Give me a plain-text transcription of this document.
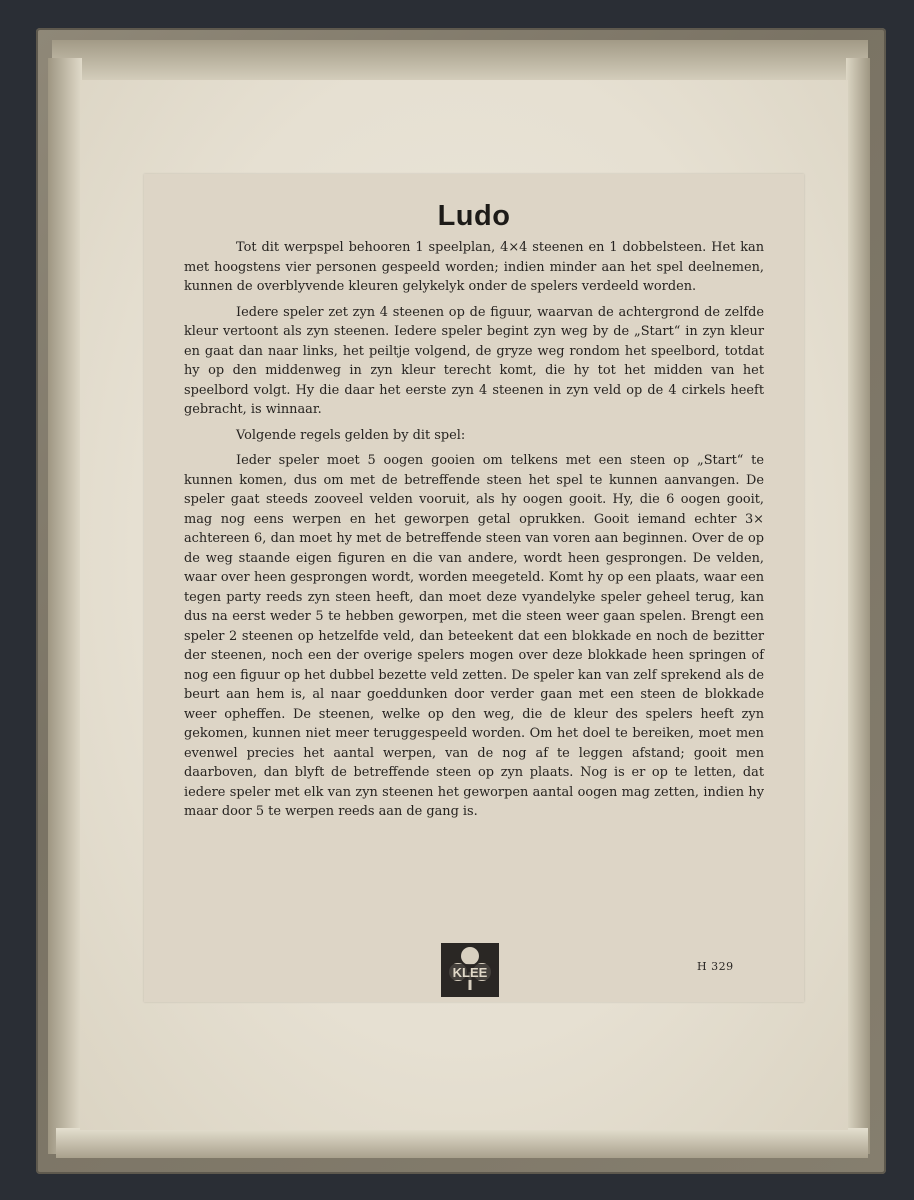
Ludo

Tot dit werpspel behooren 1 speelplan, 4×4 steenen en 1 dobbelsteen. Het kan met hoogstens vier personen gespeeld worden; indien minder aan het spel deelnemen, kunnen de overblyvende kleuren gelykelyk onder de spelers verdeeld worden.

Iedere speler zet zyn 4 steenen op de figuur, waarvan de achtergrond de zelfde kleur vertoont als zyn steenen. Iedere speler begint zyn weg by de „Start“ in zyn kleur en gaat dan naar links, het peiltje volgend, de gryze weg rondom het speelbord, totdat hy op den middenweg in zyn kleur terecht komt, die hy tot het midden van het speelbord volgt. Hy die daar het eerste zyn 4 steenen in zyn veld op de 4 cirkels heeft gebracht, is winnaar.

Volgende regels gelden by dit spel:

Ieder speler moet 5 oogen gooien om telkens met een steen op „Start“ te kunnen komen, dus om met de betreffende steen het spel te kunnen aanvangen. De speler gaat steeds zooveel velden vooruit, als hy oogen gooit. Hy, die 6 oogen gooit, mag nog eens werpen en het geworpen getal oprukken. Gooit iemand echter 3× achtereen 6, dan moet hy met de betreffende steen van voren aan beginnen. Over de op de weg staande eigen figuren en die van andere, wordt heen gesprongen. De velden, waar over heen gesprongen wordt, worden meegeteld. Komt hy op een plaats, waar een tegen party reeds zyn steen heeft, dan moet deze vyandelyke speler geheel terug, kan dus na eerst weder 5 te hebben geworpen, met die steen weer gaan spelen. Brengt een speler 2 steenen op hetzelfde veld, dan beteekent dat een blokkade en noch de bezitter der steenen, noch een der overige spelers mogen over deze blokkade heen springen of nog een figuur op het dubbel bezette veld zetten. De speler kan van zelf sprekend als de beurt aan hem is, al naar goeddunken door verder gaan met een steen de blokkade weer opheffen. De steenen, welke op den weg, die de kleur des spelers heeft zyn gekomen, kunnen niet meer teruggespeeld worden. Om het doel te bereiken, moet men evenwel precies het aantal werpen, van de nog af te leggen afstand; gooit men daarboven, dan blyft de betreffende steen op zyn plaats. Nog is er op te letten, dat iedere speler met elk van zyn steenen het geworpen aantal oogen mag zetten, indien hy maar door 5 te werpen reeds aan de gang is.

KLEE	H 329
